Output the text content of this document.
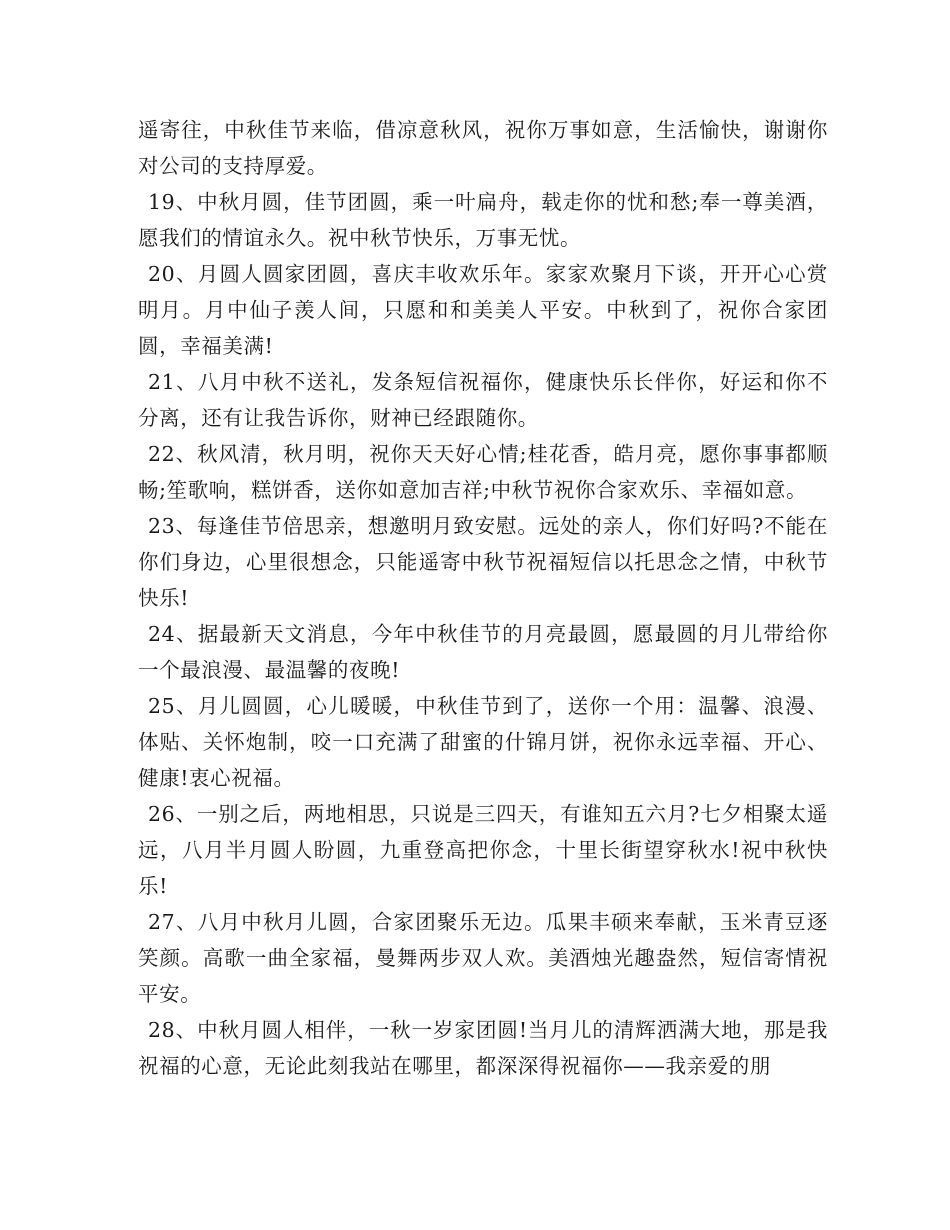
遥寄往，中秋佳节来临，借凉意秋风，祝你万事如意，生活愉快，谢谢你对公司的支持厚爱。

19、中秋月圆，佳节团圆，乘一叶扁舟，载走你的忧和愁;奉一尊美酒，愿我们的情谊永久。祝中秋节快乐，万事无忧。

20、月圆人圆家团圆，喜庆丰收欢乐年。家家欢聚月下谈，开开心心赏明月。月中仙子羡人间，只愿和和美美人平安。中秋到了，祝你合家团圆，幸福美满!

21、八月中秋不送礼，发条短信祝福你，健康快乐长伴你，好运和你不分离，还有让我告诉你，财神已经跟随你。

22、秋风清，秋月明，祝你天天好心情;桂花香，皓月亮，愿你事事都顺畅;笙歌响，糕饼香，送你如意加吉祥;中秋节祝你合家欢乐、幸福如意。

23、每逢佳节倍思亲，想邀明月致安慰。远处的亲人，你们好吗?不能在你们身边，心里很想念，只能遥寄中秋节祝福短信以托思念之情，中秋节快乐!

24、据最新天文消息，今年中秋佳节的月亮最圆，愿最圆的月儿带给你一个最浪漫、最温馨的夜晚!

25、月儿圆圆，心儿暖暖，中秋佳节到了，送你一个用：温馨、浪漫、体贴、关怀炮制，咬一口充满了甜蜜的什锦月饼，祝你永远幸福、开心、健康!衷心祝福。

26、一别之后，两地相思，只说是三四天，有谁知五六月?七夕相聚太遥远，八月半月圆人盼圆，九重登高把你念，十里长街望穿秋水!祝中秋快乐!

27、八月中秋月儿圆，合家团聚乐无边。瓜果丰硕来奉献，玉米青豆逐笑颜。高歌一曲全家福，曼舞两步双人欢。美酒烛光趣盎然，短信寄情祝平安。

28、中秋月圆人相伴，一秋一岁家团圆!当月儿的清辉洒满大地，那是我祝福的心意，无论此刻我站在哪里，都深深得祝福你——我亲爱的朋
